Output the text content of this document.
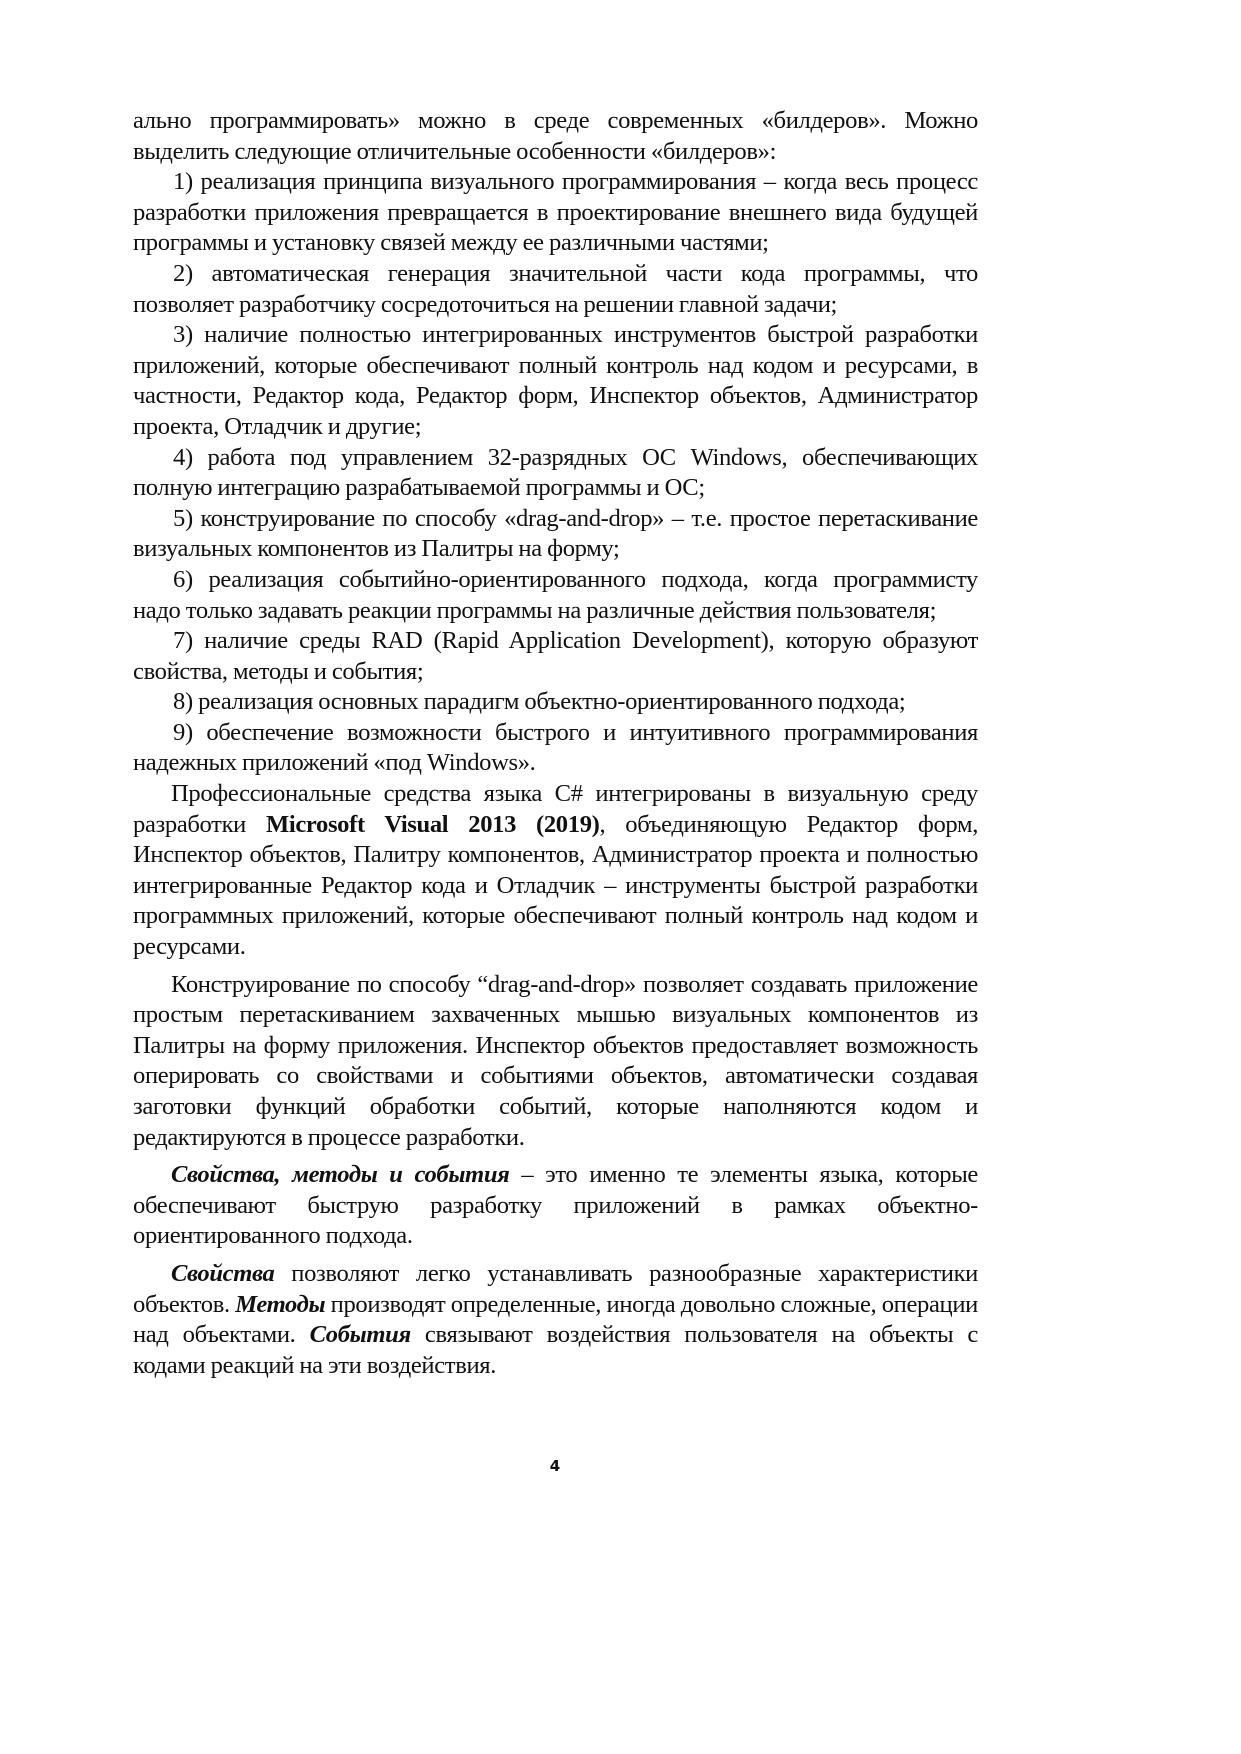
ально программировать» можно в среде современных «билдеров». Можно выделить следующие отличительные особенности «билдеров»:

1) реализация принципа визуального программирования – когда весь процесс разработки приложения превращается в проектирование внешнего вида будущей программы и установку связей между ее различными частями;

2) автоматическая генерация значительной части кода программы, что позволяет разработчику сосредоточиться на решении главной задачи;

3) наличие полностью интегрированных инструментов быстрой разработки приложений, которые обеспечивают полный контроль над кодом и ресурсами, в частности, Редактор кода, Редактор форм, Инспектор объектов, Администратор проекта, Отладчик и другие;

4) работа под управлением 32-разрядных ОС Windows, обеспечивающих полную интеграцию разрабатываемой программы и ОС;

5) конструирование по способу «drag-and-drop» – т.е. простое перетаскивание визуальных компонентов из Палитры на форму;

6) реализация событийно-ориентированного подхода, когда программисту надо только задавать реакции программы на различные действия пользователя;

7) наличие среды RAD (Rapid Application Development), которую образуют свойства, методы и события;

8) реализация основных парадигм объектно-ориентированного подхода;

9) обеспечение возможности быстрого и интуитивного программирования надежных приложений «под Windows».

Профессиональные средства языка C# интегрированы в визуальную среду разработки Microsoft Visual 2013 (2019), объединяющую Редактор форм, Инспектор объектов, Палитру компонентов, Администратор проекта и полностью интегрированные Редактор кода и Отладчик – инструменты быстрой разработки программных приложений, которые обеспечивают полный контроль над кодом и ресурсами.

Конструирование по способу “drag-and-drop» позволяет создавать приложение простым перетаскиванием захваченных мышью визуальных компонентов из Палитры на форму приложения. Инспектор объектов предоставляет возможность оперировать со свойствами и событиями объектов, автоматически создавая заготовки функций обработки событий, которые наполняются кодом и редактируются в процессе разработки.

Свойства, методы и события – это именно те элементы языка, которые обеспечивают быструю разработку приложений в рамках объектно-ориентированного подхода.

Свойства позволяют легко устанавливать разнообразные характеристики объектов. Методы производят определенные, иногда довольно сложные, операции над объектами. События связывают воздействия пользователя на объекты с кодами реакций на эти воздействия.

4
